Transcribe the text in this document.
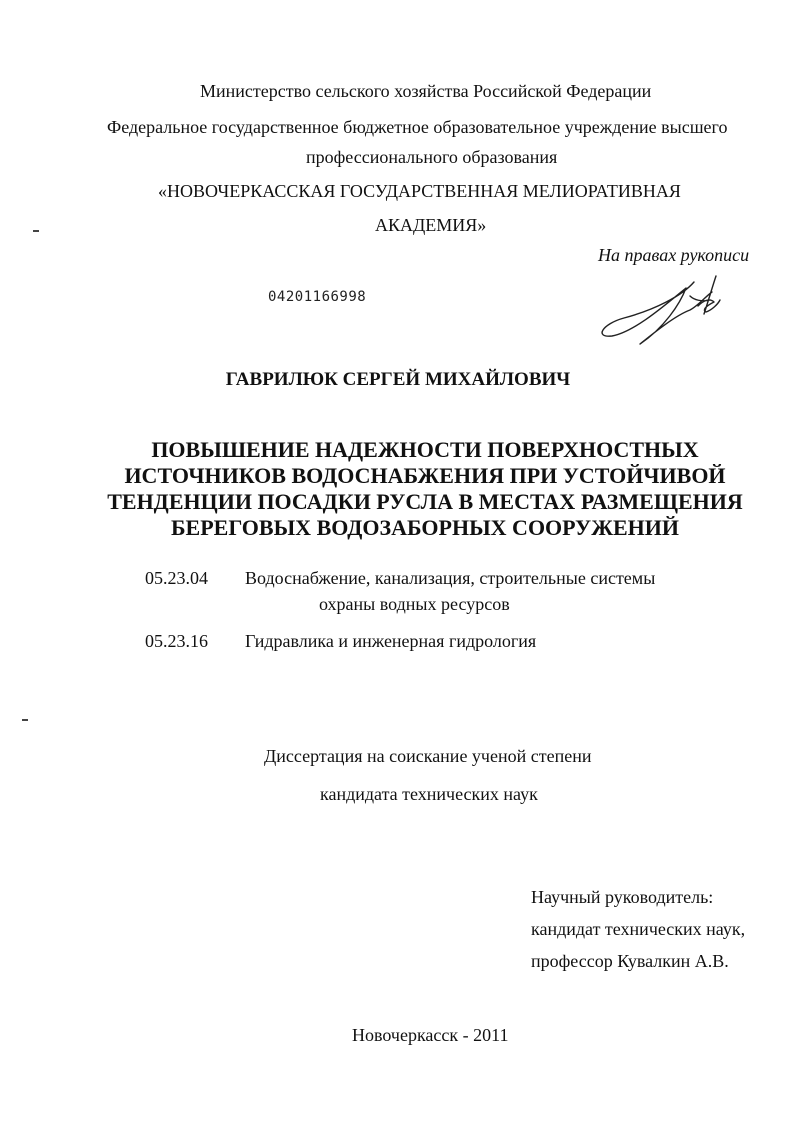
Министерство сельского хозяйства Российской Федерации
Федеральное государственное бюджетное образовательное учреждение высшего
профессионального образования
«НОВОЧЕРКАССКАЯ ГОСУДАРСТВЕННАЯ МЕЛИОРАТИВНАЯ
АКАДЕМИЯ»
На правах рукописи
04201166998
ГАВРИЛЮК СЕРГЕЙ МИХАЙЛОВИЧ
ПОВЫШЕНИЕ НАДЕЖНОСТИ ПОВЕРХНОСТНЫХ
ИСТОЧНИКОВ ВОДОСНАБЖЕНИЯ ПРИ УСТОЙЧИВОЙ
ТЕНДЕНЦИИ ПОСАДКИ РУСЛА В МЕСТАХ РАЗМЕЩЕНИЯ
БЕРЕГОВЫХ ВОДОЗАБОРНЫХ СООРУЖЕНИЙ
05.23.04 Водоснабжение, канализация, строительные системы
охраны водных ресурсов
05.23.16 Гидравлика и инженерная гидрология
Диссертация на соискание ученой степени
кандидата технических наук
Научный руководитель:
кандидат технических наук,
профессор Кувалкин А.В.
Новочеркасск - 2011
